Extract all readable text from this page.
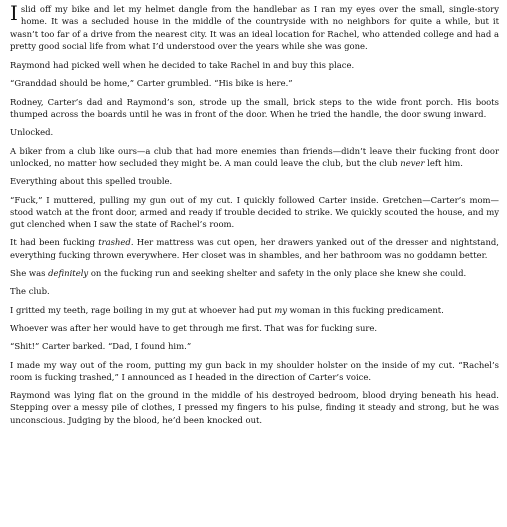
I slid off my bike and let my helmet dangle from the handlebar as I ran my eyes over the small, single-story home. It was a secluded house in the middle of the countryside with no neighbors for quite a while, but it wasn’t too far of a drive from the nearest city. It was an ideal location for Rachel, who attended college and had a pretty good social life from what I’d understood over the years while she was gone.

Raymond had picked well when he decided to take Rachel in and buy this place.

“Granddad should be home,” Carter grumbled. “His bike is here.”

Rodney, Carter’s dad and Raymond’s son, strode up the small, brick steps to the wide front porch. His boots thumped across the boards until he was in front of the door. When he tried the handle, the door swung inward.

Unlocked.

A biker from a club like ours—a club that had more enemies than friends—didn’t leave their fucking front door unlocked, no matter how secluded they might be. A man could leave the club, but the club never left him.

Everything about this spelled trouble.

“Fuck,” I muttered, pulling my gun out of my cut. I quickly followed Carter inside. Gretchen—Carter’s mom—stood watch at the front door, armed and ready if trouble decided to strike. We quickly scouted the house, and my gut clenched when I saw the state of Rachel’s room.

It had been fucking trashed. Her mattress was cut open, her drawers yanked out of the dresser and nightstand, everything fucking thrown everywhere. Her closet was in shambles, and her bathroom was no goddamn better.

She was definitely on the fucking run and seeking shelter and safety in the only place she knew she could.

The club.

I gritted my teeth, rage boiling in my gut at whoever had put my woman in this fucking predicament.

Whoever was after her would have to get through me first. That was for fucking sure.

“Shit!” Carter barked. “Dad, I found him.”

I made my way out of the room, putting my gun back in my shoulder holster on the inside of my cut. “Rachel’s room is fucking trashed,” I announced as I headed in the direction of Carter’s voice.

Raymond was lying flat on the ground in the middle of his destroyed bedroom, blood drying beneath his head. Stepping over a messy pile of clothes, I pressed my fingers to his pulse, finding it steady and strong, but he was unconscious. Judging by the blood, he’d been knocked out.
